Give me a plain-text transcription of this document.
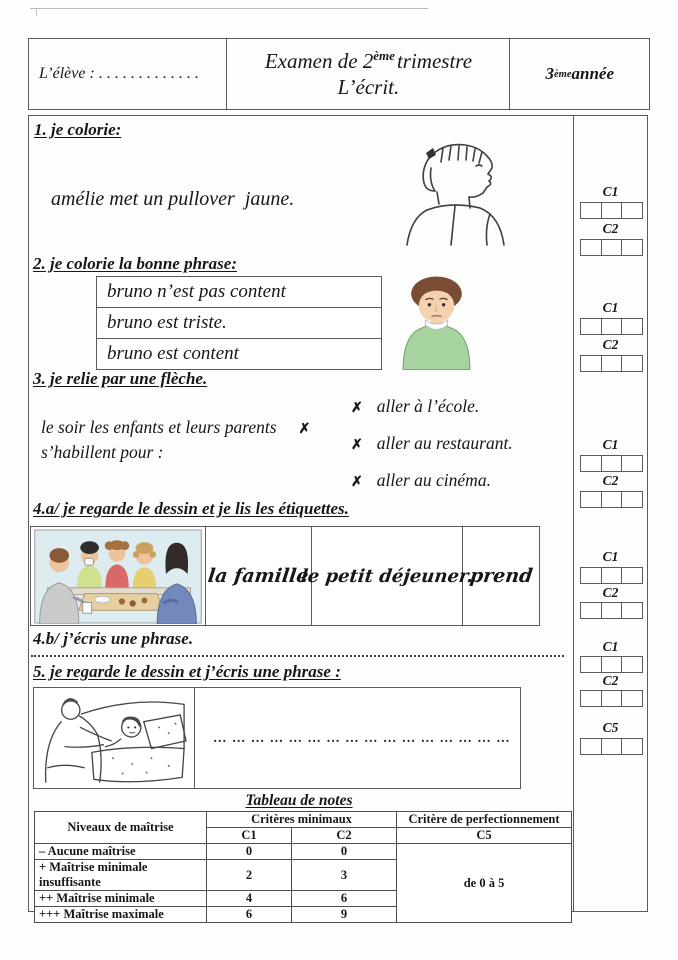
L’élève : . . . . . . . . . . . . .
Examen de 2èmetrimestre
L’écrit.
3 ème année
1. je colorie:
amélie met un pullover  jaune.
2. je colorie la bonne phrase:
bruno n’est pas content
bruno est triste.
bruno est content
3. je relie par une flèche.
le soir les enfants et leurs parents ✗
s’habillent pour :
✗ aller à l’école.
✗ aller au restaurant.
✗ aller au cinéma.
4.a/ je regarde le dessin et je lis les étiquettes.
la famille
le petit déjeuner.
prend
4.b/ j’écris une phrase.
5. je regarde le dessin et j’écris une phrase :
… … … … … … … … … … … … … … … …
Tableau de notes
Niveaux de maîtrise	Critères minimaux		Critère de perfectionnement
	C1	C2	C5
– Aucune maîtrise	0	0	de 0 à 5
+ Maîtrise minimale insuffisante	2	3	
++ Maîtrise minimale	4	6	
+++ Maîtrise maximale	6	9	
C1
C2
C1
C2
C1
C2
C1
C2
C1
C2
C5
